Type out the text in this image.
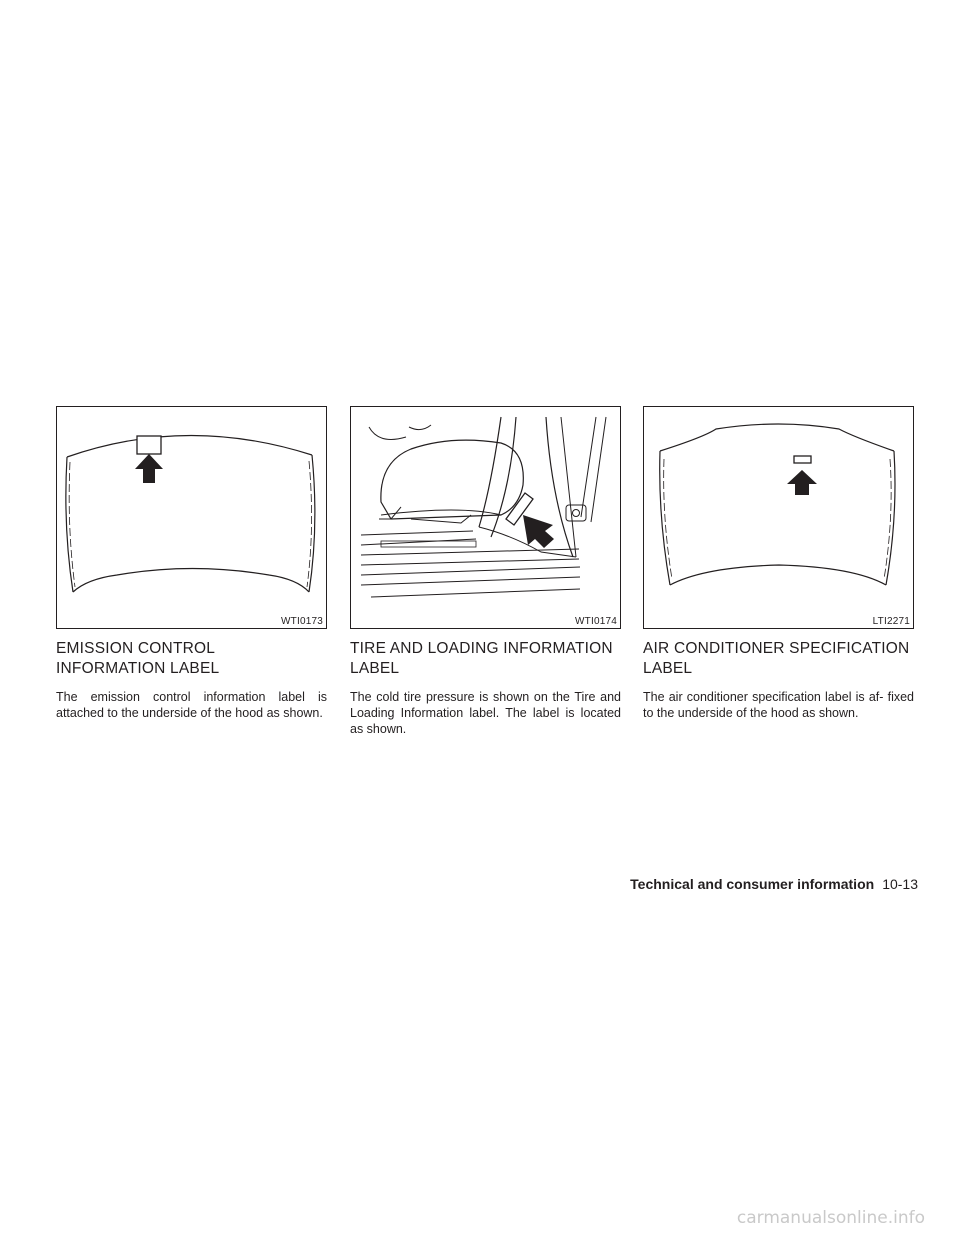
WTI0173
EMISSION CONTROL
INFORMATION LABEL

The emission control information label is attached to the underside of the hood as shown.

WTI0174
TIRE AND LOADING INFORMATION
LABEL

The cold tire pressure is shown on the Tire and Loading Information label. The label is located as shown.

LTI2271
AIR CONDITIONER SPECIFICATION
LABEL

The air conditioner specification label is af- fixed to the underside of the hood as shown.

Technical and consumer information 10-13
carmanualsonline.info
